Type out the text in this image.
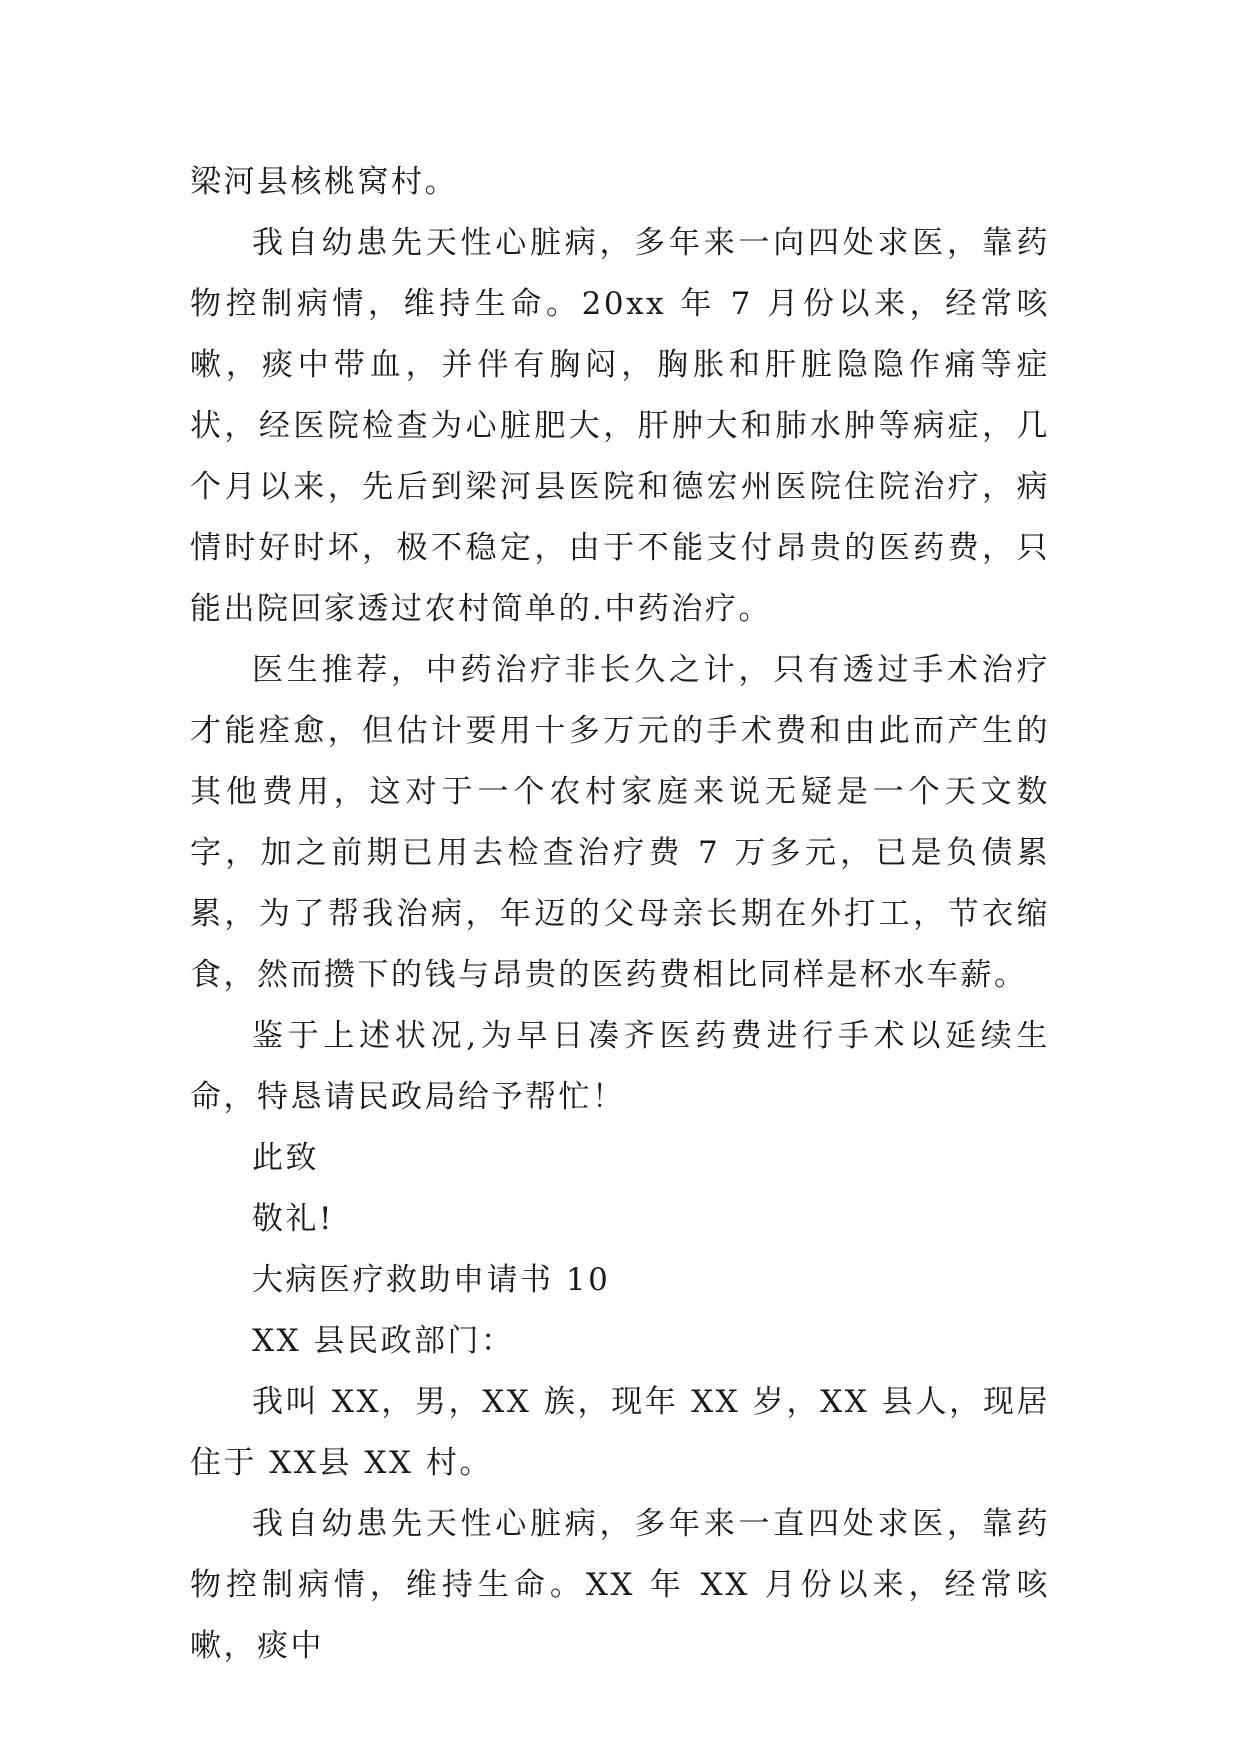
梁河县核桃窝村。

我自幼患先天性心脏病，多年来一向四处求医，靠药物控制病情，维持生命。20xx 年 7 月份以来，经常咳嗽，痰中带血，并伴有胸闷，胸胀和肝脏隐隐作痛等症状，经医院检查为心脏肥大，肝肿大和肺水肿等病症，几个月以来，先后到梁河县医院和德宏州医院住院治疗，病情时好时坏，极不稳定，由于不能支付昂贵的医药费，只能出院回家透过农村简单的.中药治疗。

医生推荐，中药治疗非长久之计，只有透过手术治疗才能痊愈，但估计要用十多万元的手术费和由此而产生的其他费用，这对于一个农村家庭来说无疑是一个天文数字，加之前期已用去检查治疗费 7 万多元，已是负债累累，为了帮我治病，年迈的父母亲长期在外打工，节衣缩食，然而攒下的钱与昂贵的医药费相比同样是杯水车薪。

鉴于上述状况,为早日凑齐医药费进行手术以延续生命，特恳请民政局给予帮忙！

此致

敬礼!

大病医疗救助申请书 10

XX 县民政部门：

我叫 XX，男，XX 族，现年 XX 岁，XX 县人，现居住于 XX县 XX 村。

我自幼患先天性心脏病，多年来一直四处求医，靠药物控制病情，维持生命。XX 年 XX 月份以来，经常咳嗽，痰中
